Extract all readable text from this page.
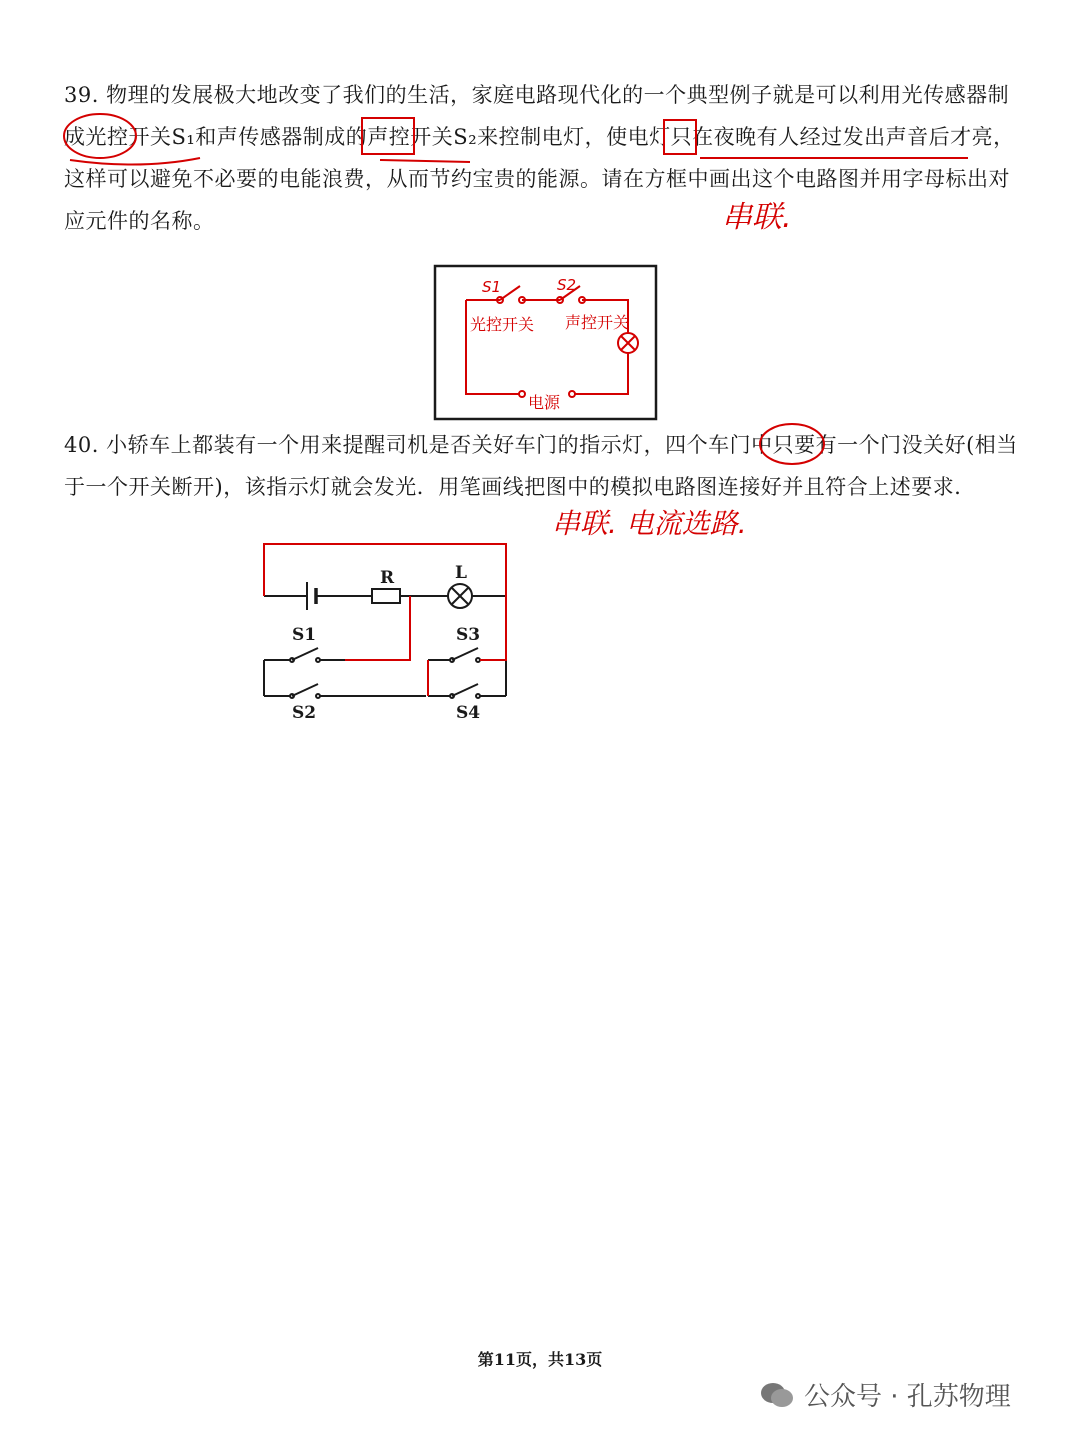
39. 物理的发展极大地改变了我们的生活，家庭电路现代化的一个典型例子就是可以利用光传感器制成光控开关S₁和声传感器制成的声控开关S₂来控制电灯，使电灯只在夜晚有人经过发出声音后才亮，这样可以避免不必要的电能浪费，从而节约宝贵的能源。请在方框中画出这个电路图并用字母标出对应元件的名称。	串联.
40. 小轿车上都装有一个用来提醒司机是否关好车门的指示灯，四个车门中只要有一个门没关好(相当于一个开关断开)，该指示灯就会发光．用笔画线把图中的模拟电路图连接好并且符合上述要求．
串联. 电流选路.
S1	S2
光控开关 声控开关
电源
R	L
S1
S2
S3
S4
第11页，共13页
公众号 · 孔苏物理
